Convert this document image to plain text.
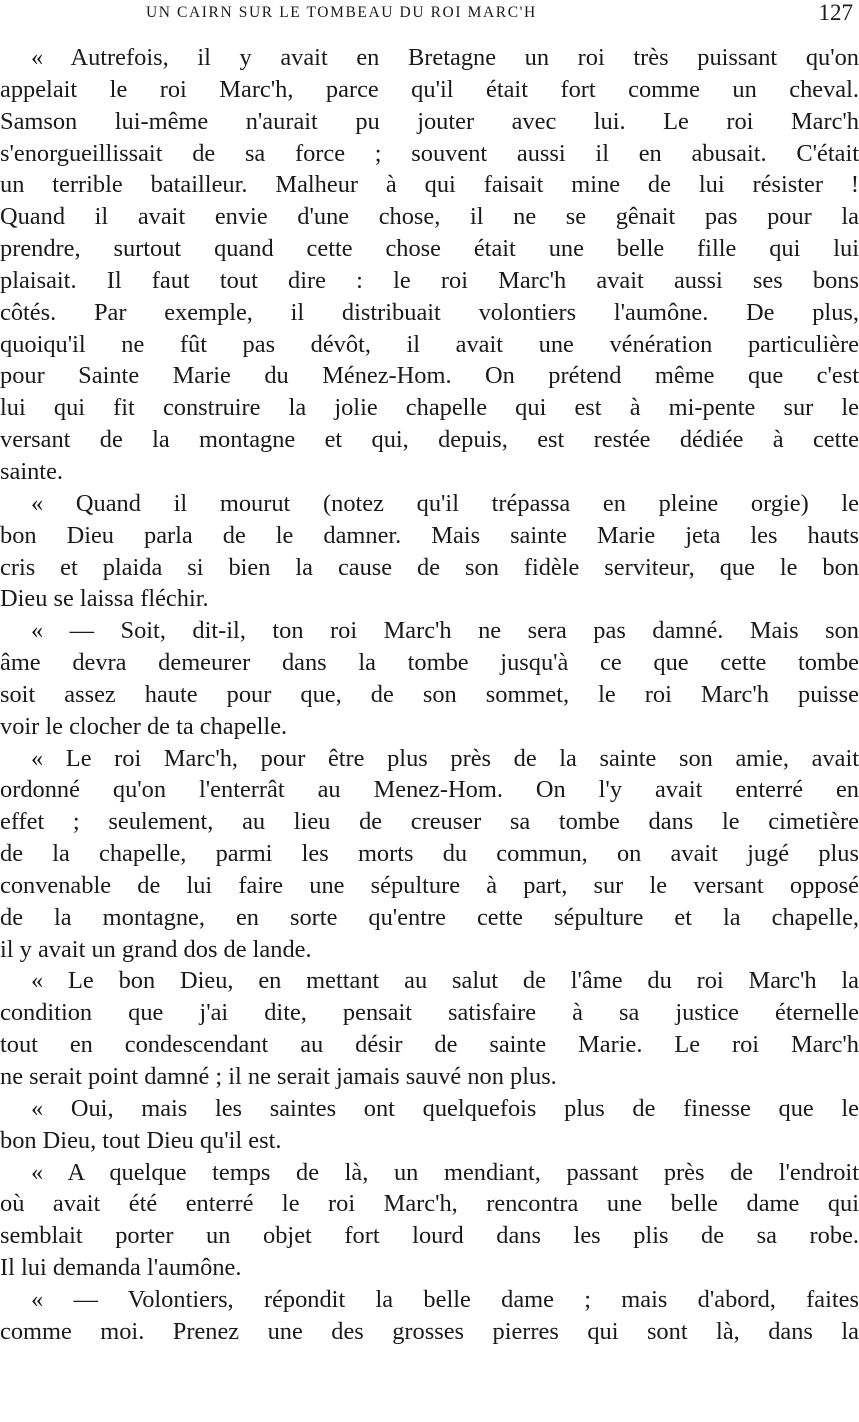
UN CAIRN SUR LE TOMBEAU DU ROI MARC'H	127
« Autrefois, il y avait en Bretagne un roi très puissant qu'on
appelait le roi Marc'h, parce qu'il était fort comme un cheval.
Samson lui-même n'aurait pu jouter avec lui. Le roi Marc'h
s'enorgueillissait de sa force ; souvent aussi il en abusait. C'était
un terrible batailleur. Malheur à qui faisait mine de lui résister !
Quand il avait envie d'une chose, il ne se gênait pas pour la
prendre, surtout quand cette chose était une belle fille qui lui
plaisait. Il faut tout dire : le roi Marc'h avait aussi ses bons
côtés. Par exemple, il distribuait volontiers l'aumône. De plus,
quoiqu'il ne fût pas dévôt, il avait une vénération particulière
pour Sainte Marie du Ménez-Hom. On prétend même que c'est
lui qui fit construire la jolie chapelle qui est à mi-pente sur le
versant de la montagne et qui, depuis, est restée dédiée à cette
sainte.
« Quand il mourut (notez qu'il trépassa en pleine orgie) le
bon Dieu parla de le damner. Mais sainte Marie jeta les hauts
cris et plaida si bien la cause de son fidèle serviteur, que le bon
Dieu se laissa fléchir.
« — Soit, dit-il, ton roi Marc'h ne sera pas damné. Mais son
âme devra demeurer dans la tombe jusqu'à ce que cette tombe
soit assez haute pour que, de son sommet, le roi Marc'h puisse
voir le clocher de ta chapelle.
« Le roi Marc'h, pour être plus près de la sainte son amie, avait
ordonné qu'on l'enterrât au Menez-Hom. On l'y avait enterré en
effet ; seulement, au lieu de creuser sa tombe dans le cimetière
de la chapelle, parmi les morts du commun, on avait jugé plus
convenable de lui faire une sépulture à part, sur le versant opposé
de la montagne, en sorte qu'entre cette sépulture et la chapelle,
il y avait un grand dos de lande.
« Le bon Dieu, en mettant au salut de l'âme du roi Marc'h la
condition que j'ai dite, pensait satisfaire à sa justice éternelle
tout en condescendant au désir de sainte Marie. Le roi Marc'h
ne serait point damné ; il ne serait jamais sauvé non plus.
« Oui, mais les saintes ont quelquefois plus de finesse que le
bon Dieu, tout Dieu qu'il est.
« A quelque temps de là, un mendiant, passant près de l'endroit
où avait été enterré le roi Marc'h, rencontra une belle dame qui
semblait porter un objet fort lourd dans les plis de sa robe.
Il lui demanda l'aumône.
« — Volontiers, répondit la belle dame ; mais d'abord, faites
comme moi. Prenez une des grosses pierres qui sont là, dans la
